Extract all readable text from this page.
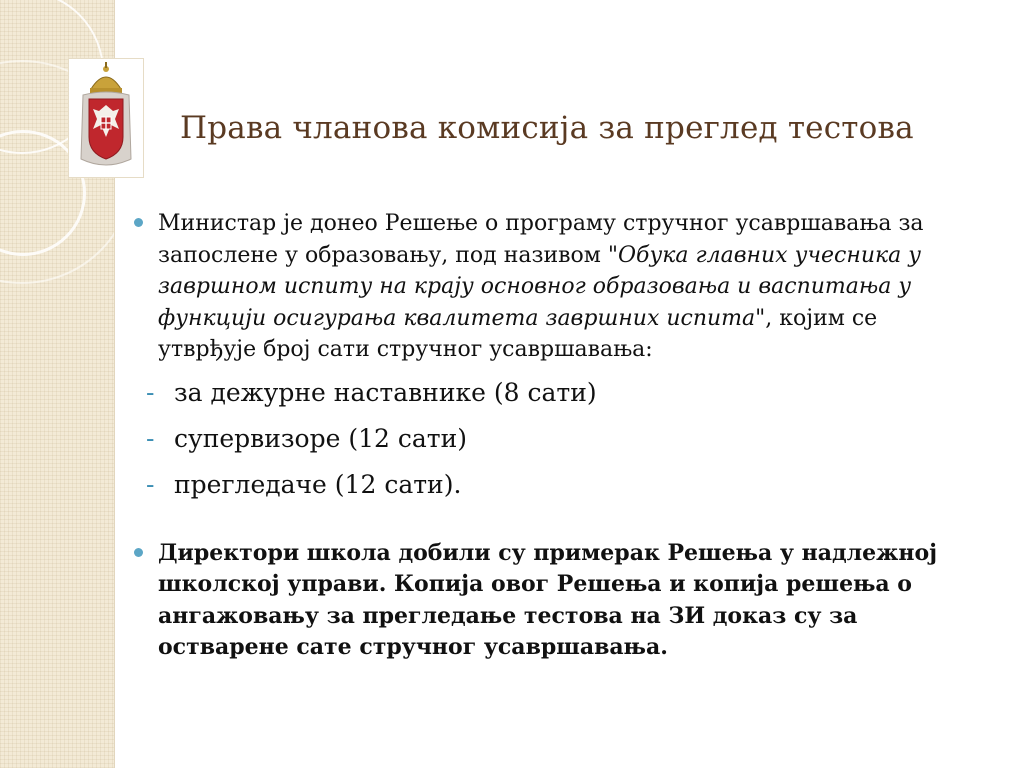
Права чланова комисија за преглед тестова
Министар је донео Решење о програму стручног усавршавања за запослене у образовању, под називом "Обука главних учесника у завршном испиту на крају основног образовања и васпитања у функцији осигурања квалитета завршних испита", којим се утврђује број сати стручног усавршавања:
- за дежурне наставнике (8 сати)
- супервизоре (12 сати)
- прегледаче (12 сати).
Директори школа добили су примерак Решења у надлежној школској управи. Копија овог Решења и копија решења о ангажовању за прегледање тестова на ЗИ доказ су за остварене сате стручног усавршавања.
